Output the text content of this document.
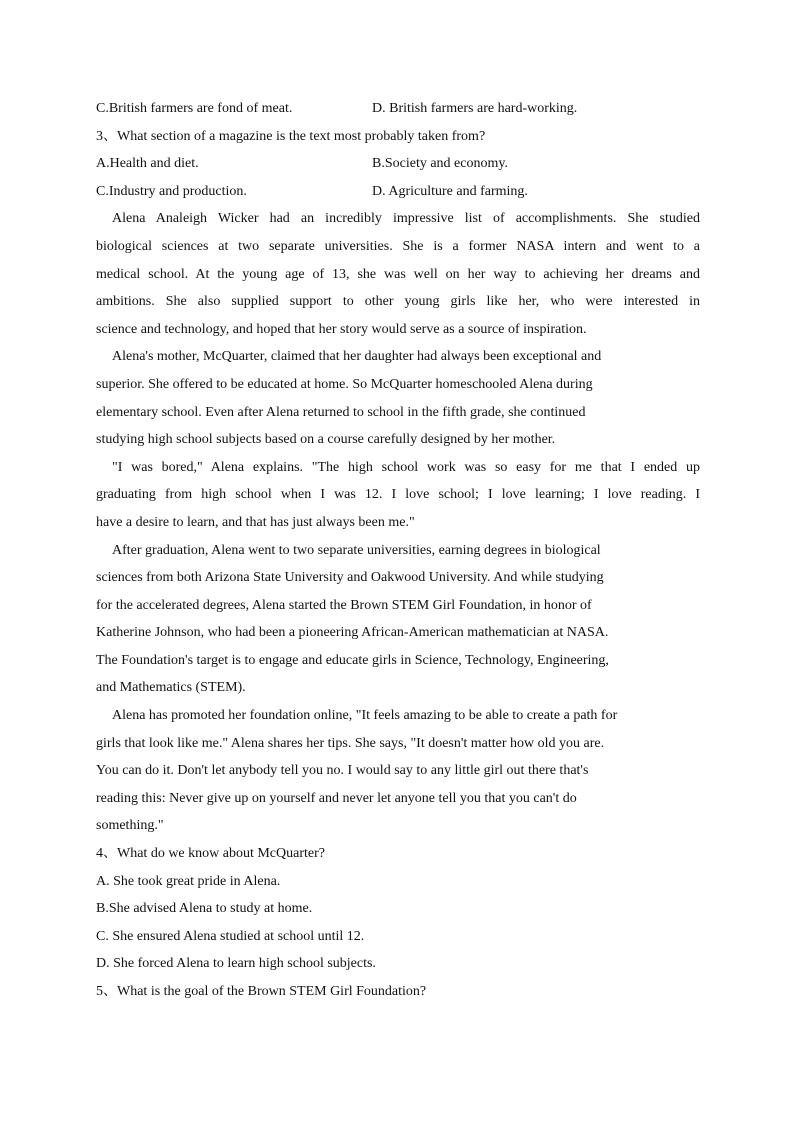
C.British farmers are fond of meat.	D. British farmers are hard-working.
3、What section of a magazine is the text most probably taken from?
A.Health and diet.	B.Society and economy.
C.Industry and production.	D. Agriculture and farming.
Alena Analeigh Wicker had an incredibly impressive list of accomplishments. She studied
biological sciences at two separate universities. She is a former NASA intern and went to a
medical school. At the young age of 13, she was well on her way to achieving her dreams and
ambitions. She also supplied support to other young girls like her, who were interested in
science and technology, and hoped that her story would serve as a source of inspiration.
Alena's mother, McQuarter, claimed that her daughter had always been exceptional and
superior. She offered to be educated at home. So McQuarter homeschooled Alena during
elementary school. Even after Alena returned to school in the fifth grade, she continued
studying high school subjects based on a course carefully designed by her mother.
"I was bored," Alena explains. "The high school work was so easy for me that I ended up
graduating from high school when I was 12. I love school; I love learning; I love reading. I
have a desire to learn, and that has just always been me."
After graduation, Alena went to two separate universities, earning degrees in biological
sciences from both Arizona State University and Oakwood University. And while studying
for the accelerated degrees, Alena started the Brown STEM Girl Foundation, in honor of
Katherine Johnson, who had been a pioneering African-American mathematician at NASA.
The Foundation's target is to engage and educate girls in Science, Technology, Engineering,
and Mathematics (STEM).
Alena has promoted her foundation online, "It feels amazing to be able to create a path for
girls that look like me." Alena shares her tips. She says, "It doesn't matter how old you are.
You can do it. Don't let anybody tell you no. I would say to any little girl out there that's
reading this: Never give up on yourself and never let anyone tell you that you can't do
something."
4、What do we know about McQuarter?
A. She took great pride in Alena.
B.She advised Alena to study at home.
C. She ensured Alena studied at school until 12.
D. She forced Alena to learn high school subjects.
5、What is the goal of the Brown STEM Girl Foundation?
